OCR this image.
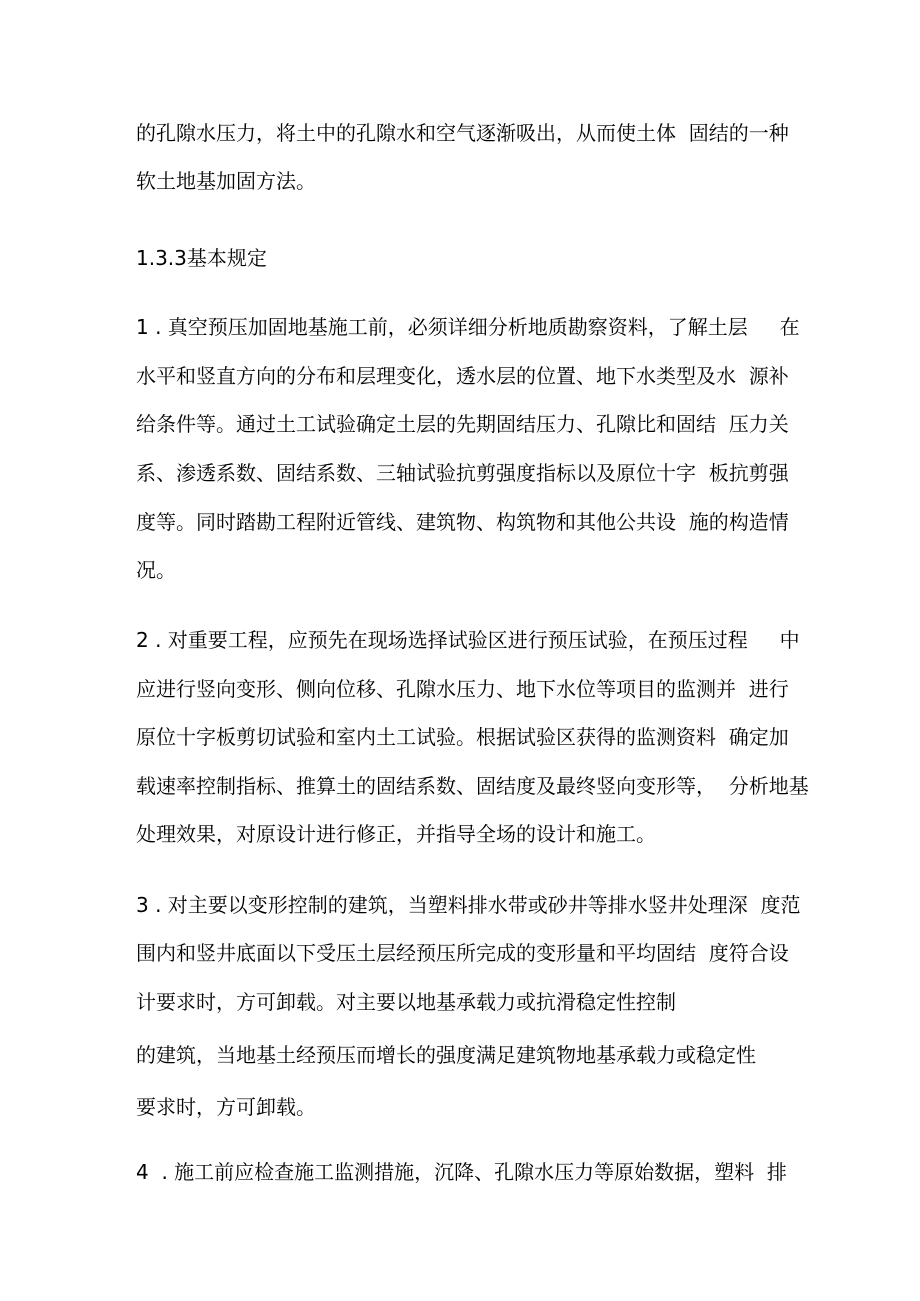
的孔隙水压力，将土中的孔隙水和空气逐渐吸出，从而使土体  固结的一种
软土地基加固方法。
1.3.3基本规定
1 . 真空预压加固地基施工前，必须详细分析地质勘察资料，了解土层     在
水平和竖直方向的分布和层理变化，透水层的位置、地下水类型及水  源补
给条件等。通过土工试验确定土层的先期固结压力、孔隙比和固结  压力关
系、渗透系数、固结系数、三轴试验抗剪强度指标以及原位十字  板抗剪强
度等。同时踏勘工程附近管线、建筑物、构筑物和其他公共设  施的构造情
况。
2 . 对重要工程，应预先在现场选择试验区进行预压试验，在预压过程     中
应进行竖向变形、侧向位移、孔隙水压力、地下水位等项目的监测并  进行
原位十字板剪切试验和室内土工试验。根据试验区获得的监测资料  确定加
载速率控制指标、推算土的固结系数、固结度及最终竖向变形等，  分析地基
处理效果，对原设计进行修正，并指导全场的设计和施工。
3 . 对主要以变形控制的建筑，当塑料排水带或砂井等排水竖井处理深  度范
围内和竖井底面以下受压土层经预压所完成的变形量和平均固结  度符合设
计要求时，方可卸载。对主要以地基承载力或抗滑稳定性控制
的建筑，当地基土经预压而增长的强度满足建筑物地基承载力或稳定性
要求时，方可卸载。
4  . 施工前应检查施工监测措施，沉降、孔隙水压力等原始数据，塑料  排
